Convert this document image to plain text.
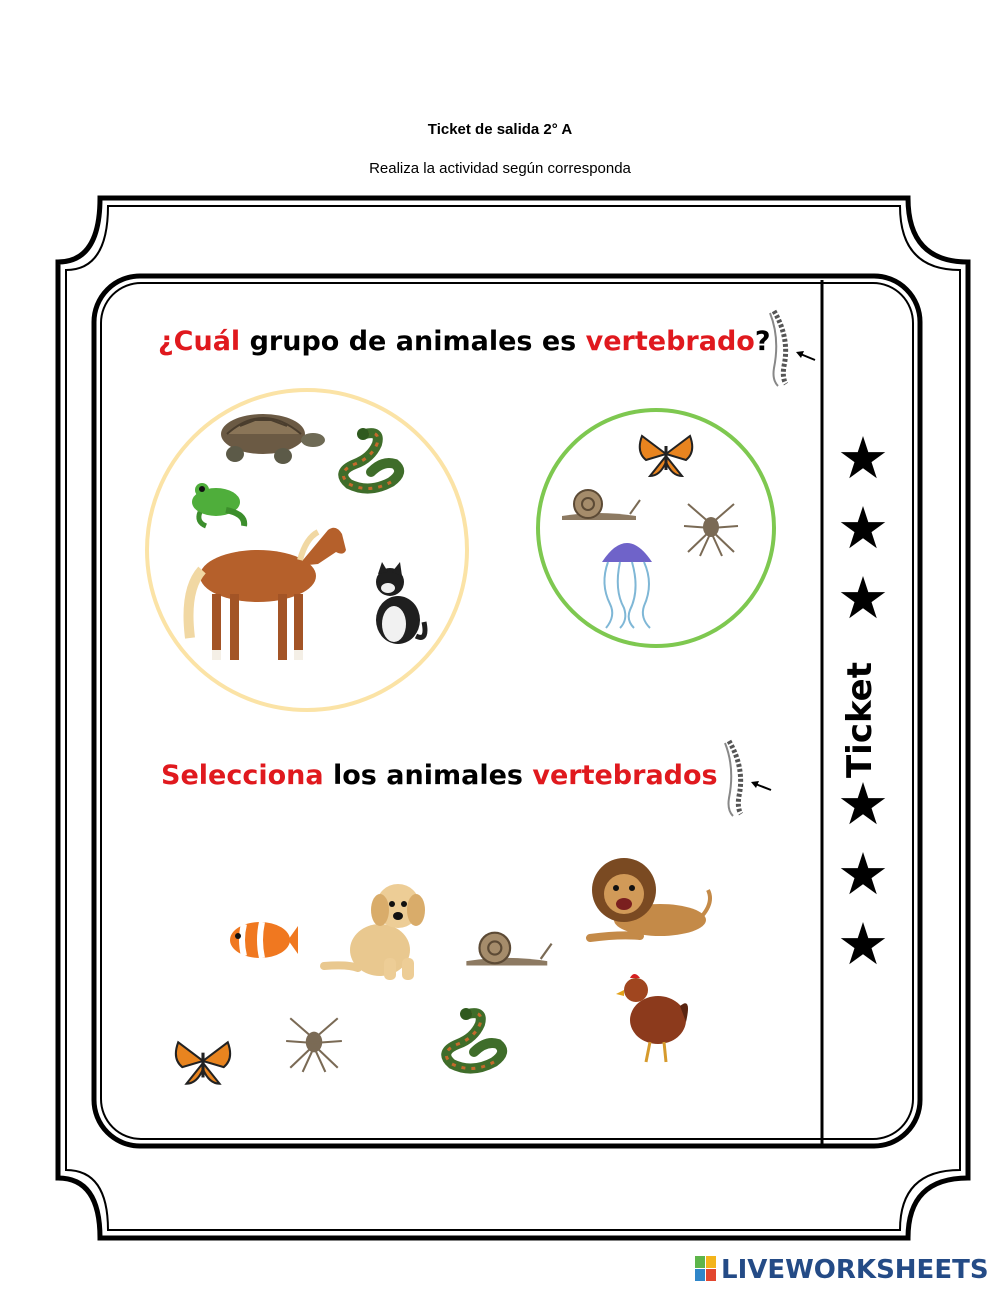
Ticket de salida 2° A
Realiza la actividad según corresponda
¿Cuál grupo de animales es vertebrado?
Selecciona los animales vertebrados
★
★
★
Ticket
★
★
★
LIVEWORKSHEETS
